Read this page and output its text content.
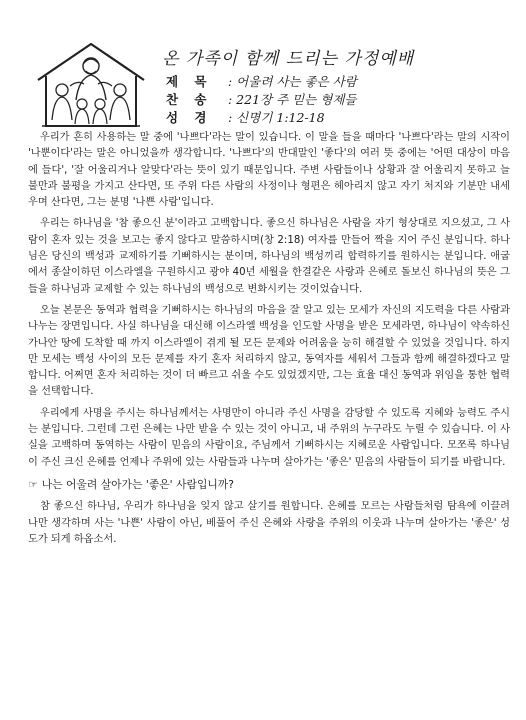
온 가족이 함께 드리는 가정예배
제 목	: 어울려 사는 좋은 사람
찬 송	: 221장 주 믿는 형제들
성 경	: 신명기 1:12-18

우리가 흔히 사용하는 말 중에 '나쁘다'라는 말이 있습니다. 이 말을 들을 때마다 '나쁘다'라는 말의 시작이 '나뿐이다'라는 말은 아니었을까 생각합니다. '나쁘다'의 반대말인 '좋다'의 여러 뜻 중에는 '어떤 대상이 마음에 들다', '잘 어울리거나 알맞다'라는 뜻이 있기 때문입니다. 주변 사람들이나 상황과 잘 어울리지 못하고 늘 불만과 불평을 가지고 산다면, 또 주위 다른 사람의 사정이나 형편은 헤아리지 않고 자기 처지와 기분만 내세우며 산다면, 그는 분명 '나쁜 사람'입니다.

우리는 하나님을 '참 좋으신 분'이라고 고백합니다. 좋으신 하나님은 사람을 자기 형상대로 지으셨고, 그 사람이 혼자 있는 것을 보고는 좋지 않다고 말씀하시며(창 2:18) 여자를 만들어 짝을 지어 주신 분입니다. 하나님은 당신의 백성과 교제하기를 기뻐하시는 분이며, 하나님의 백성끼리 합력하기를 원하시는 분입니다. 애굽에서 종살이하던 이스라엘을 구원하시고 광야 40년 세월을 한결같은 사랑과 은혜로 돌보신 하나님의 뜻은 그들을 하나님과 교제할 수 있는 하나님의 백성으로 변화시키는 것이었습니다.

오늘 본문은 동역과 협력을 기뻐하시는 하나님의 마음을 잘 알고 있는 모세가 자신의 지도력을 다른 사람과 나누는 장면입니다. 사실 하나님을 대신해 이스라엘 백성을 인도할 사명을 받은 모세라면, 하나님이 약속하신 가나안 땅에 도착할 때 까지 이스라엘이 겪게 될 모든 문제와 어려움을 능히 해결할 수 있었을 것입니다. 하지만 모세는 백성 사이의 모든 문제를 자기 혼자 처리하지 않고, 동역자를 세워서 그들과 함께 해결하겠다고 말합니다. 어쩌면 혼자 처리하는 것이 더 빠르고 쉬울 수도 있었겠지만, 그는 효율 대신 동역과 위임을 통한 협력을 선택합니다.

우리에게 사명을 주시는 하나님께서는 사명만이 아니라 주신 사명을 감당할 수 있도록 지혜와 능력도 주시는 분입니다. 그런데 그런 은혜는 나만 받을 수 있는 것이 아니고, 내 주위의 누구라도 누릴 수 있습니다. 이 사실을 고백하며 동역하는 사람이 믿음의 사람이요, 주님께서 기뻐하시는 지혜로운 사람입니다. 모쪼록 하나님이 주신 크신 은혜를 언제나 주위에 있는 사람들과 나누며 살아가는 '좋은' 믿음의 사람들이 되기를 바랍니다.

☞ 나는 어울려 살아가는 '좋은' 사람입니까?

참 좋으신 하나님, 우리가 하나님을 잊지 않고 살기를 원합니다. 은혜를 모르는 사람들처럼 탐욕에 이끌려 나만 생각하며 사는 '나쁜' 사람이 아닌, 베풀어 주신 은혜와 사랑을 주위의 이웃과 나누며 살아가는 '좋은' 성도가 되게 하옵소서.
